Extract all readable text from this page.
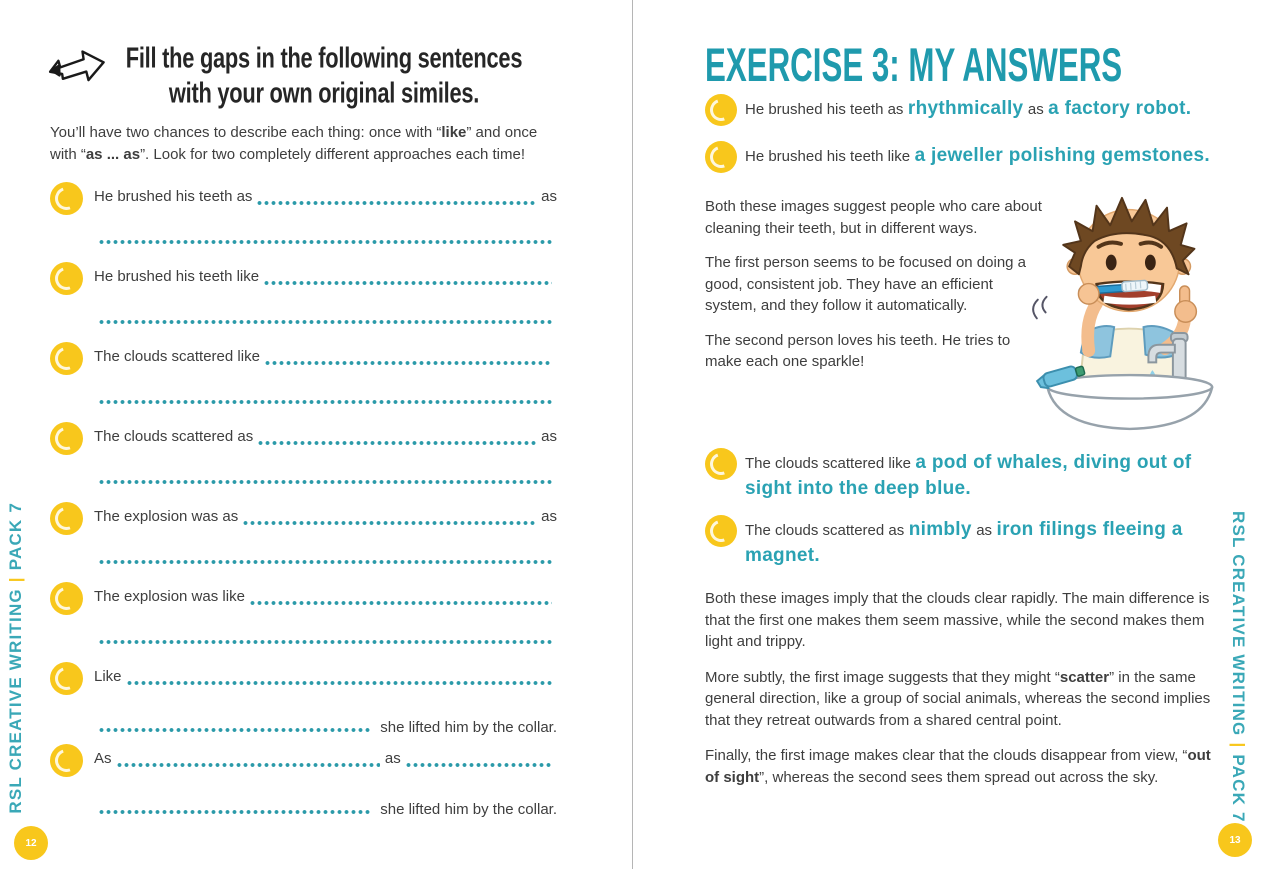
Fill the gaps in the following sentences
with your own original similes.
You’ll have two chances to describe each thing: once with “like” and once with “as ... as”. Look for two completely different approaches each time!
He brushed his teeth as	as
He brushed his teeth like
The clouds scattered like
The clouds scattered as	as
The explosion was as	as
The explosion was like
Like
she lifted him by the collar.
As	as
she lifted him by the collar.
EXERCISE 3: MY ANSWERS
He brushed his teeth as rhythmically as a factory robot.
He brushed his teeth like a jeweller polishing gemstones.

Both these images suggest people who care about cleaning their teeth, but in different ways.

The first person seems to be focused on doing a good, consistent job. They have an efficient system, and they follow it automatically.

The second person loves his teeth. He tries to make each one sparkle!

The clouds scattered like a pod of whales, diving out of sight into the deep blue.
The clouds scattered as nimbly as iron filings fleeing a magnet.

Both these images imply that the clouds clear rapidly. The main difference is that the first one makes them seem massive, while the second makes them light and trippy.

More subtly, the first image suggests that they might “scatter” in the same general direction, like a group of social animals, whereas the second implies that they retreat outwards from a shared central point.

Finally, the first image makes clear that the clouds disappear from view, “out of sight”, whereas the second sees them spread out across the sky.

RSL CREATIVE WRITING | PACK 7	RSL CREATIVE WRITING | PACK 7
12	13
